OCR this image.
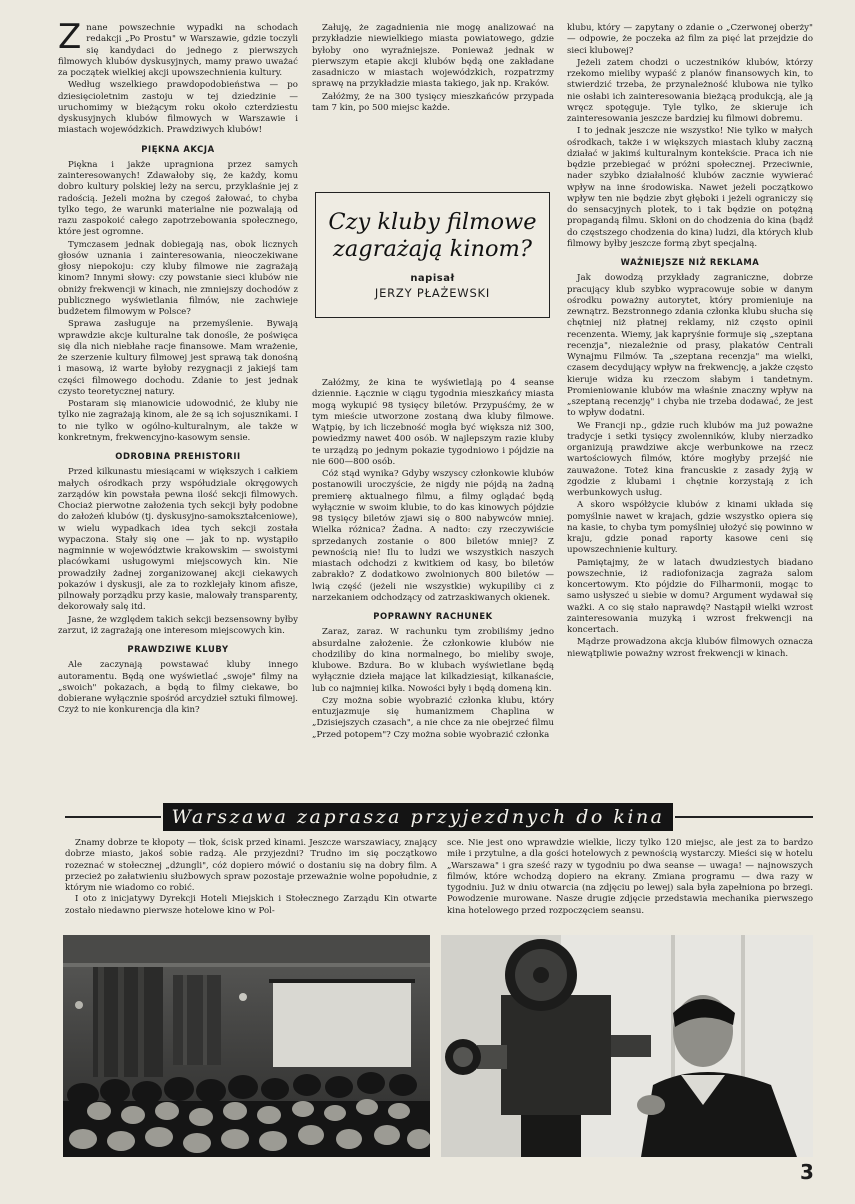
Znane powszechnie wypadki na schodach redakcji „Po Prostu" w Warszawie, gdzie toczyli się kandydaci do jednego z pierwszych filmowych klubów dyskusyjnych, mamy prawo uważać za początek wielkiej akcji upowszechnienia kultury.

Według wszelkiego prawdopodobieństwa — po dziesięcioletnim zastoju w tej dziedzinie — uruchomimy w bieżącym roku około czterdziestu dyskusyjnych klubów filmowych w Warszawie i miastach wojewódzkich. Prawdziwych klubów!

PIĘKNA AKCJA

Piękna i jakże upragniona przez samych zainteresowanych! Zdawałoby się, że każdy, komu dobro kultury polskiej leży na sercu, przyklaśnie jej z radością. Jeżeli można by czegoś żałować, to chyba tylko tego, że warunki materialne nie pozwalają od razu zaspokoić całego zapotrzebowania społecznego, które jest ogromne.

Tymczasem jednak dobiegają nas, obok licznych głosów uznania i zainteresowania, nieoczekiwane głosy niepokoju: czy kluby filmowe nie zagrażają kinom? Innymi słowy: czy powstanie sieci klubów nie obniży frekwencji w kinach, nie zmniejszy dochodów z publicznego wyświetlania filmów, nie zachwieje budżetem filmowym w Polsce?

Sprawa zasługuje na przemyślenie. Bywają wprawdzie akcje kulturalne tak donośle, że poświęca się dla nich niebłahe racje finansowe. Mam wrażenie, że szerzenie kultury filmowej jest sprawą tak donośną i masową, iż warte byłoby rezygnacji z jakiejś tam części filmowego dochodu. Zdanie to jest jednak czysto teoretycznej natury.

Postaram się mianowicie udowodnić, że kluby nie tylko nie zagrażają kinom, ale że są ich sojusznikami. I to nie tylko w ogólno-kulturalnym, ale także w konkretnym, frekwencyjno-kasowym sensie.

ODROBINA PREHISTORII

Przed kilkunastu miesiącami w większych i całkiem małych ośrodkach przy współudziale okręgowych zarządów kin powstała pewna ilość sekcji filmowych. Chociaż pierwotne założenia tych sekcji były podobne do założeń klubów (tj. dyskusyjno-samokształceniowe), w wielu wypadkach idea tych sekcji została wypaczona. Stały się one — jak to np. wystąpiło nagminnie w województwie krakowskim — swoistymi placówkami usługowymi miejscowych kin. Nie prowadziły żadnej zorganizowanej akcji ciekawych pokazów i dyskusji, ale za to rozklejały kinom afisze, pilnowały porządku przy kasie, malowały transparenty, dekorowały salę itd.

Jasne, że względem takich sekcji bezsensowny byłby zarzut, iż zagrażają one interesom miejscowych kin.

PRAWDZIWE KLUBY

Ale zaczynają powstawać kluby innego autoramentu. Będą one wyświetlać „swoje" filmy na „swoich" pokazach, a będą to filmy ciekawe, bo dobierane wyłącznie spośród arcydzieł sztuki filmowej. Czyż to nie konkurencja dla kin?

Żałuję, że zagadnienia nie mogę analizować na przykładzie niewielkiego miasta powiatowego, gdzie byłoby ono wyraźniejsze. Ponieważ jednak w pierwszym etapie akcji klubów będą one zakładane zasadniczo w miastach wojewódzkich, rozpatrzmy sprawę na przykładzie miasta takiego, jak np. Kraków.

Załóżmy, że na 300 tysięcy mieszkańców przypada tam 7 kin, po 500 miejsc każde.

Czy kluby filmowe zagrażają kinom?
napisał
JERZY PŁAŻEWSKI

Załóżmy, że kina te wyświetlają po 4 seanse dziennie. Łącznie w ciągu tygodnia mieszkańcy miasta mogą wykupić 98 tysięcy biletów. Przypuśćmy, że w tym mieście utworzone zostaną dwa kluby filmowe. Wątpię, by ich liczebność mogła być większa niż 300, powiedzmy nawet 400 osób. W najlepszym razie kluby te urządzą po jednym pokazie tygodniowo i pójdzie na nie 600—800 osób.

Cóż stąd wynika? Gdyby wszyscy członkowie klubów postanowili uroczyście, że nigdy nie pójdą na żadną premierę aktualnego filmu, a filmy oglądać będą wyłącznie w swoim klubie, to do kas kinowych pójdzie 98 tysięcy biletów zjawi się o 800 nabywców mniej. Wielka różnica? Żadna. A nadto: czy rzeczywiście sprzedanych zostanie o 800 biletów mniej? Z pewnością nie! Ilu to ludzi we wszystkich naszych miastach odchodzi z kwitkiem od kasy, bo biletów zabrakło? Z dodatkowo zwolnionych 800 biletów — lwią część (jeżeli nie wszystkie) wykupiliby ci z narzekaniem odchodzący od zatrzaskiwanych okienek.

POPRAWNY RACHUNEK

Zaraz, zaraz. W rachunku tym zrobiliśmy jedno absurdalne założenie. Że członkowie klubów nie chodziliby do kina normalnego, bo mieliby swoje, klubowe. Bzdura. Bo w klubach wyświetlane będą wyłącznie dzieła mające lat kilkadziesiąt, kilkanaście, lub co najmniej kilka. Nowości były i będą domeną kin.

Czy można sobie wyobrazić członka klubu, który entuzjazmuje się humanizmem Chaplina w „Dzisiejszych czasach", a nie chce za nie obejrzeć filmu „Przed potopem"? Czy można sobie wyobrazić członka

klubu, który — zapytany o zdanie o „Czerwonej oberży" — odpowie, że poczeka aż film za pięć lat przejdzie do sieci klubowej?

Jeżeli zatem chodzi o uczestników klubów, którzy rzekomo mieliby wypaść z planów finansowych kin, to stwierdzić trzeba, że przynależność klubowa nie tylko nie osłabi ich zainteresowania bieżącą produkcją, ale ją wręcz spotęguje. Tyle tylko, że skieruje ich zainteresowania jeszcze bardziej ku filmowi dobremu.

I to jednak jeszcze nie wszystko! Nie tylko w małych ośrodkach, także i w większych miastach kluby zaczną działać w jakimś kulturalnym kontekście. Praca ich nie będzie przebiegać w próżni społecznej. Przeciwnie, nader szybko działalność klubów zacznie wywierać wpływ na inne środowiska. Nawet jeżeli początkowo wpływ ten nie będzie zbyt głęboki i jeżeli ograniczy się do sensacyjnych plotek, to i tak będzie on potężną propagandą filmu. Skłoni on do chodzenia do kina (bądź do częstszego chodzenia do kina) ludzi, dla których klub filmowy byłby jeszcze formą zbyt specjalną.

WAŻNIEJSZE NIŻ REKLAMA

Jak dowodzą przykłady zagraniczne, dobrze pracujący klub szybko wypracowuje sobie w danym ośrodku poważny autorytet, który promieniuje na zewnątrz. Bezstronnego zdania członka klubu słucha się chętniej niż płatnej reklamy, niż często opinii recenzenta. Wiemy, jak kapryśnie formuje się „szeptana recenzja", niezależnie od prasy, plakatów Centrali Wynajmu Filmów. Ta „szeptana recenzja" ma wielki, czasem decydujący wpływ na frekwencję, a jakże często kieruje widza ku rzeczom słabym i tandetnym. Promieniowanie klubów ma właśnie znaczny wpływ na „szeptaną recenzję" i chyba nie trzeba dodawać, że jest to wpływ dodatni.

We Francji np., gdzie ruch klubów ma już poważne tradycje i setki tysięcy zwolenników, kluby nierzadko organizują prawdziwe akcje werbunkowe na rzecz wartościowych filmów, które mogłyby przejść nie zauważone. Toteż kina francuskie z zasady żyją w zgodzie z klubami i chętnie korzystają z ich werbunkowych usług.

A skoro współżycie klubów z kinami układa się pomyślnie nawet w krajach, gdzie wszystko opiera się na kasie, to chyba tym pomyślniej ułożyć się powinno w kraju, gdzie ponad raporty kasowe ceni się upowszechnienie kultury.

Pamiętajmy, że w latach dwudziestych biadano powszechnie, iż radiofonizacja zagraża salom koncertowym. Kto pójdzie do Filharmonii, mogąc to samo usłyszeć u siebie w domu? Argument wydawał się ważki. A co się stało naprawdę? Nastąpił wielki wzrost zainteresowania muzyką i wzrost frekwencji na koncertach.

Mądrze prowadzona akcja klubów filmowych oznacza niewątpliwie poważny wzrost frekwencji w kinach.

Warszawa zaprasza przyjezdnych do kina

Znamy dobrze te kłopoty — tłok, ścisk przed kinami. Jeszcze warszawiacy, znający dobrze miasto, jakoś sobie radzą. Ale przyjezdni? Trudno im się początkowo rozeznać w stołecznej „dżungli", cóż dopiero mówić o dostaniu się na dobry film. A przecież po załatwieniu służbowych spraw pozostaje przeważnie wolne popołudnie, z którym nie wiadomo co robić.

I oto z inicjatywy Dyrekcji Hoteli Miejskich i Stołecznego Zarządu Kin otwarte zostało niedawno pierwsze hotelowe kino w Pol-

sce. Nie jest ono wprawdzie wielkie, liczy tylko 120 miejsc, ale jest za to bardzo miłe i przytulne, a dla gości hotelowych z pewnością wystarczy. Mieści się w hotelu „Warszawa" i gra sześć razy w tygodniu po dwa seanse — uwaga! — najnowszych filmów, które wchodzą dopiero na ekrany. Zmiana programu — dwa razy w tygodniu. Już w dniu otwarcia (na zdjęciu po lewej) sala była zapełniona po brzegi. Powodzenie murowane. Nasze drugie zdjęcie przedstawia mechanika pierwszego kina hotelowego przed rozpoczęciem seansu.

3
